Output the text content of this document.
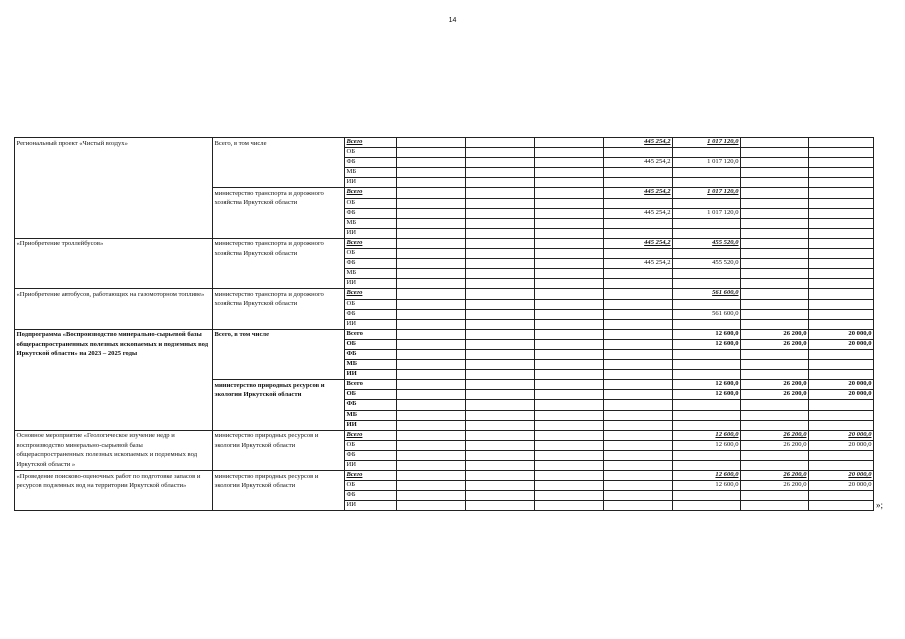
14
Региональный проект «Чистый воздух»	Всего, в том числе	Всего				445 254,2	1 017 120,0		
		ОБ							
		ФБ				445 254,2	1 017 120,0		
		МБ							
		ИИ							
	министерство транспорта и дорожного хозяйства Иркутской области	Всего				445 254,2	1 017 120,0		
		ОБ							
		ФБ				445 254,2	1 017 120,0		
		МБ							
		ИИ							
«Приобретение троллейбусов»	министерство транспорта и дорожного хозяйства Иркутской области	Всего				445 254,2	455 520,0		
		ОБ							
		ФБ				445 254,2	455 520,0		
		МБ							
		ИИ							
«Приобретение автобусов, работающих на газомоторном топливе»	министерство транспорта и дорожного хозяйства Иркутской области	Всего					561 600,0		
		ОБ							
		ФБ					561 600,0		
		ИИ							
Подпрограмма «Воспроизводство минерально-сырьевой базы общераспространенных полезных ископаемых и подземных вод Иркутской области» на 2023 – 2025 годы	Всего, в том числе	Всего					12 600,0	26 200,0	20 000,0
		ОБ					12 600,0	26 200,0	20 000,0
		ФБ							
		МБ							
		ИИ							
	министерство природных ресурсов и экологии Иркутской области	Всего					12 600,0	26 200,0	20 000,0
		ОБ					12 600,0	26 200,0	20 000,0
		ФБ							
		МБ							
		ИИ							
Основное мероприятие «Геологическое изучение недр и воспроизводство минерально-сырьевой базы общераспространенных полезных ископаемых и подземных вод Иркутской области »	министерство природных ресурсов и экологии Иркутской области	Всего					12 600,0	26 200,0	20 000,0
		ОБ					12 600,0	26 200,0	20 000,0
		ФБ							
		ИИ							
«Проведение поисково-оценочных работ по подготовке запасов и ресурсов подземных вод на территории Иркутской области»	министерство природных ресурсов и экологии Иркутской области	Всего					12 600,0	26 200,0	20 000,0
		ОБ					12 600,0	26 200,0	20 000,0
		ФБ							
		ИИ								»;
